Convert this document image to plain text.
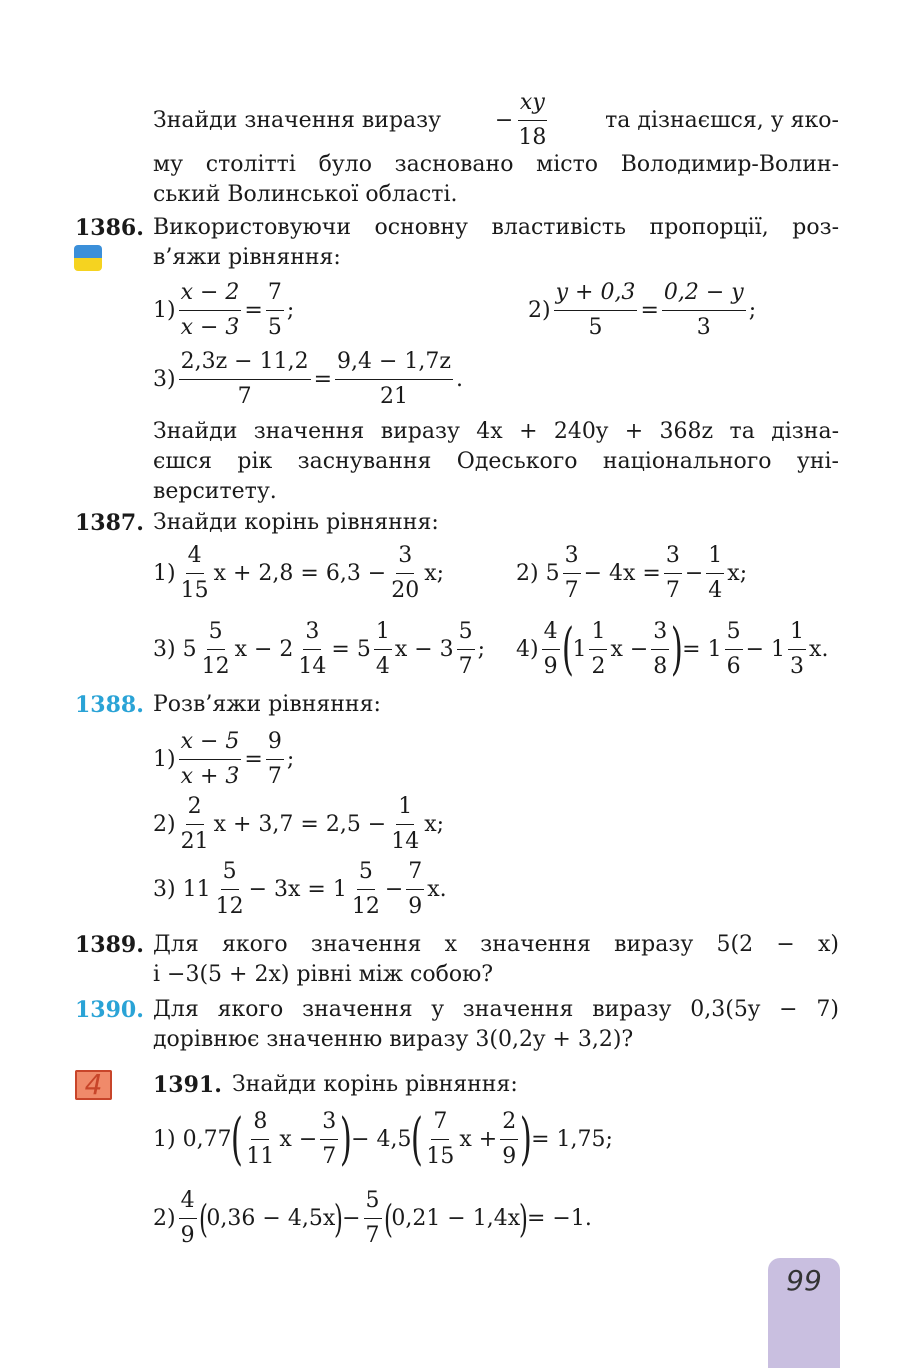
Знайди значення виразу − $\frac{xy}{18}$	та дізнаєшся, у яко-
му столітті було засновано місто Володимир-Волин-
ський Волинської області.
1386. Використовуючи основну властивість пропорції, роз-
в’яжи рівняння:
$1) \frac{x - 2}{x - 3} = \frac{7}{5}$ ;	$2) \frac{y + 0,3}{5} = \frac{0,2 - y}{3}$ ;
$3) \frac{2,3z - 11,2}{7} = \frac{9,4 - 1,7z}{21}$ .
Знайди значення виразу 4x + 240y + 368z та дізна-
єшся рік заснування Одеського національного уні-
верситету.
1387. Знайди корінь рівняння:
$1) \frac{4}{15}$ $x + 2,8 = 6,3 - \frac{3}{20} x$;	2) $5 \frac{3}{7} - 4x = \frac{3}{7} - \frac{1}{4} x$;
3) $5 \frac{5}{12}$ $x - 2 \frac{3}{14} = 5 \frac{1}{4}$ $x - 3 \frac{5}{7}$ ; $4) \frac{4}{9}$ (
$1 \frac{1}{2}$ $x - \frac{3}{8}$ )
= $1 \frac{5}{6} - 1 \frac{1}{3} x$.
1388. Розв’яжи рівняння:
$1) \frac{x - 5}{x + 3} = \frac{9}{7}$ ;
$2) \frac{2}{21}$ $x + 3,7 = 2,5 - \frac{1}{14} x$;
3) $11 \frac{5}{12} - 3x = 1 \frac{5}{12} - \frac{7}{9} x$.
1389. Для якого значення x значення виразу 5(2 − x)
і −3(5 + 2x) рівні між собою?
1390. Для якого значення y значення виразу 0,3(5y − 7)
дорівнює значенню виразу 3(0,2y + 3,2)?
4	1391. Знайди корінь рівняння:
1) 0,77
( $\frac{8}{11}$ $x - \frac{3}{7}$ )
− 4,5
( $\frac{7}{15}$ $x + \frac{2}{9}$ )
= 1,75;
$2) \frac{4}{9}$ (
0,36 − 4,5x
)
− $\frac{5}{7}$ (
0,21 − 1,4x
)
= −1.
99
